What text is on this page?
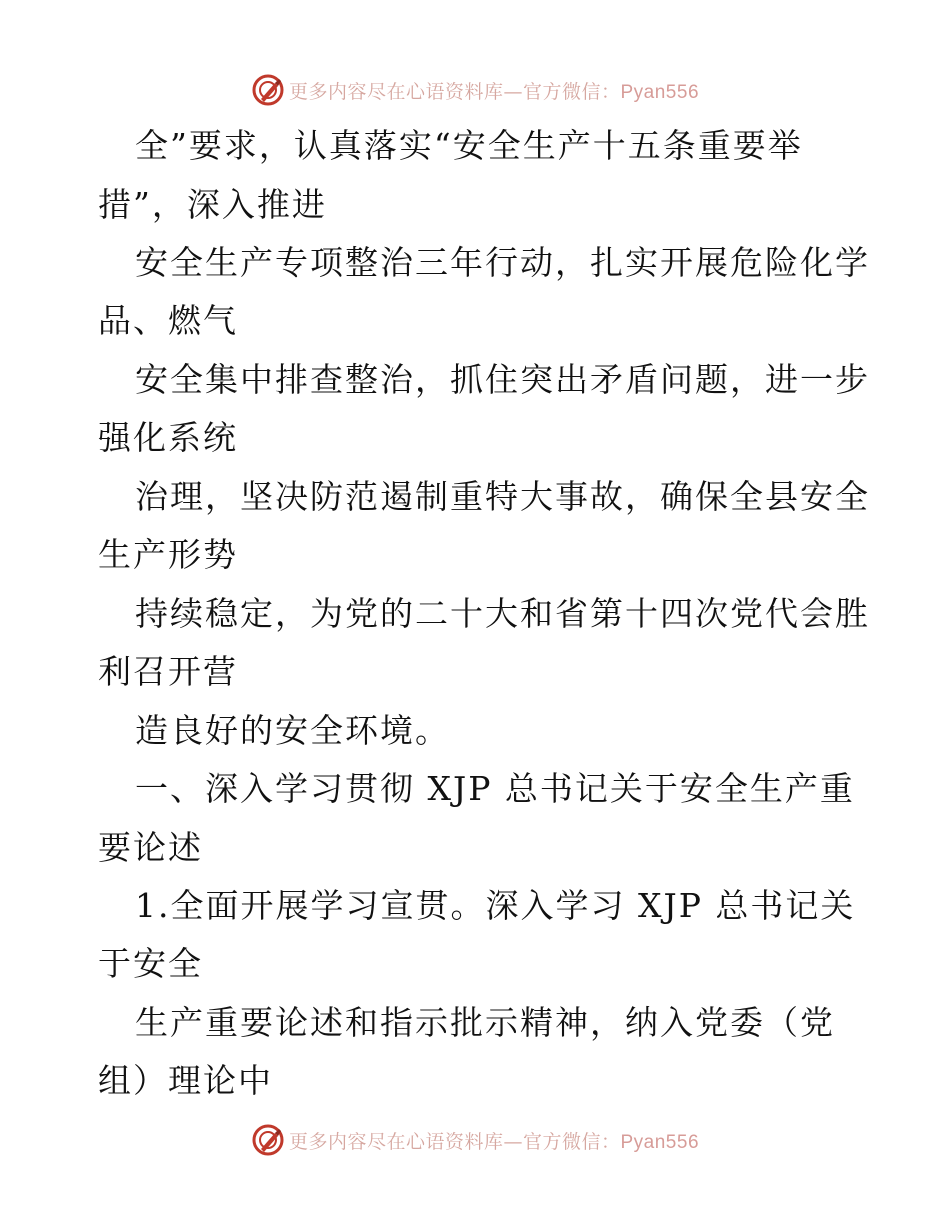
更多内容尽在心语资料库—官方微信：Pyan556
全”要求，认真落实“安全生产十五条重要举
措”，深入推进
安全生产专项整治三年行动，扎实开展危险化学
品、燃气
安全集中排查整治，抓住突出矛盾问题，进一步
强化系统
治理，坚决防范遏制重特大事故，确保全县安全
生产形势
持续稳定，为党的二十大和省第十四次党代会胜
利召开营
造良好的安全环境。
一、深入学习贯彻 XJP 总书记关于安全生产重
要论述
1.全面开展学习宣贯。深入学习 XJP 总书记关
于安全
生产重要论述和指示批示精神，纳入党委（党
组）理论中
更多内容尽在心语资料库—官方微信：Pyan556
